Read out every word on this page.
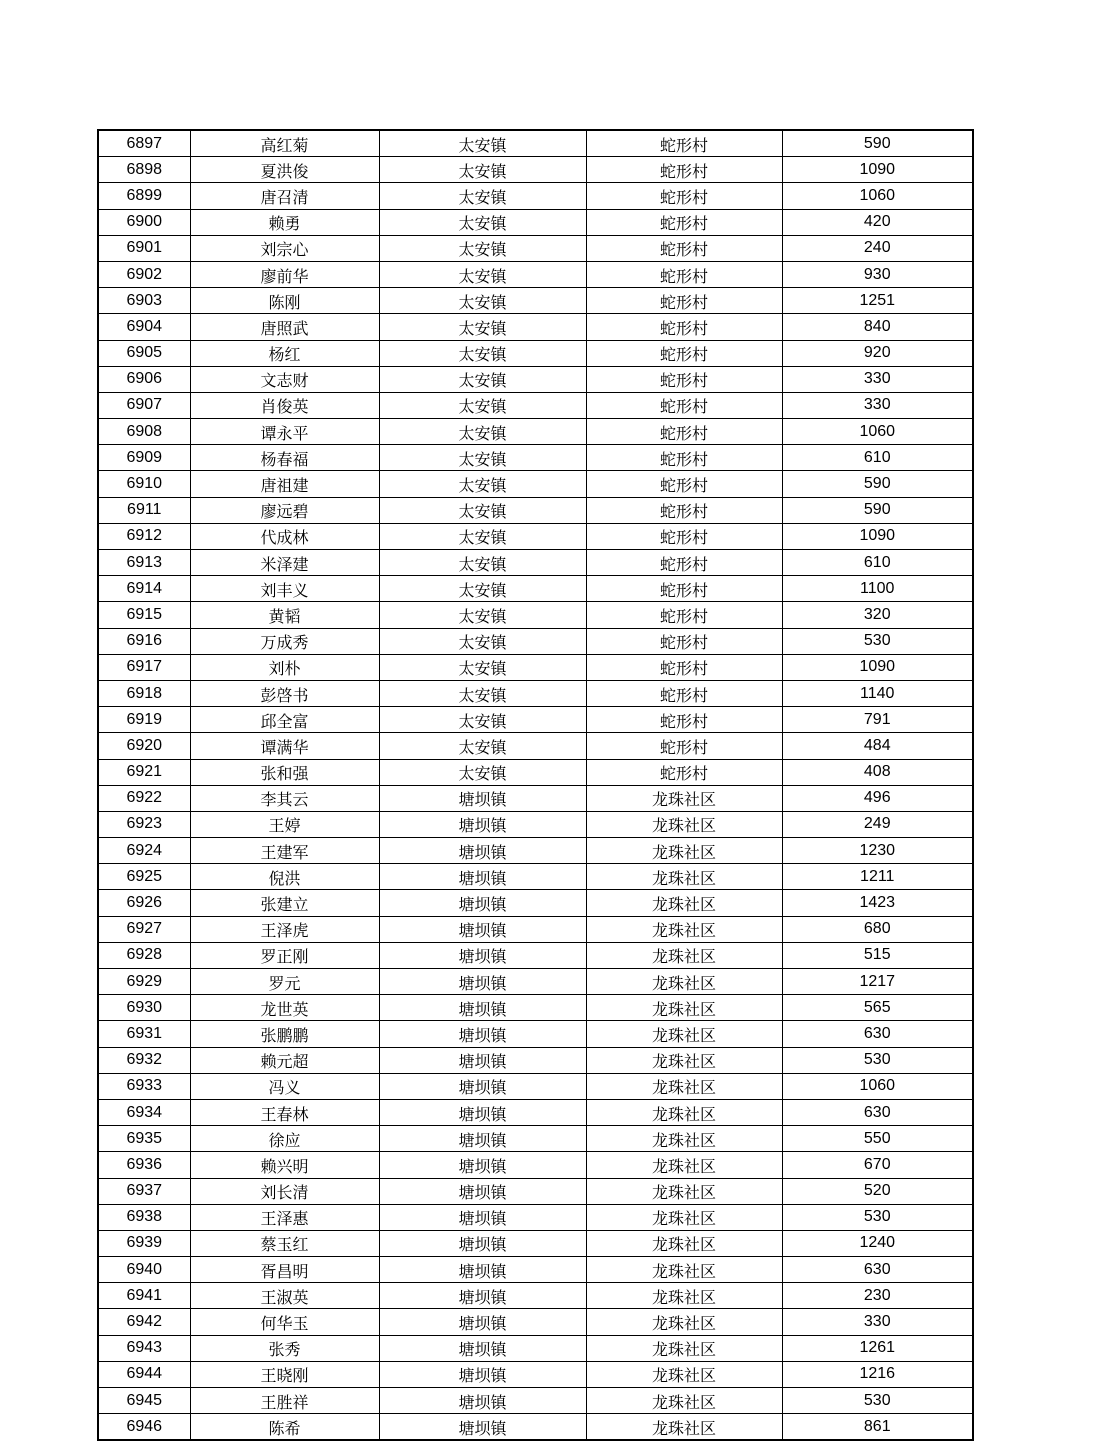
6897	高红菊	太安镇	蛇形村	590
6898	夏洪俊	太安镇	蛇形村	1090
6899	唐召清	太安镇	蛇形村	1060
6900	赖勇	太安镇	蛇形村	420
6901	刘宗心	太安镇	蛇形村	240
6902	廖前华	太安镇	蛇形村	930
6903	陈刚	太安镇	蛇形村	1251
6904	唐照武	太安镇	蛇形村	840
6905	杨红	太安镇	蛇形村	920
6906	文志财	太安镇	蛇形村	330
6907	肖俊英	太安镇	蛇形村	330
6908	谭永平	太安镇	蛇形村	1060
6909	杨春福	太安镇	蛇形村	610
6910	唐祖建	太安镇	蛇形村	590
6911	廖远碧	太安镇	蛇形村	590
6912	代成林	太安镇	蛇形村	1090
6913	米泽建	太安镇	蛇形村	610
6914	刘丰义	太安镇	蛇形村	1100
6915	黄韬	太安镇	蛇形村	320
6916	万成秀	太安镇	蛇形村	530
6917	刘朴	太安镇	蛇形村	1090
6918	彭啓书	太安镇	蛇形村	1140
6919	邱全富	太安镇	蛇形村	791
6920	谭满华	太安镇	蛇形村	484
6921	张和强	太安镇	蛇形村	408
6922	李其云	塘坝镇	龙珠社区	496
6923	王婷	塘坝镇	龙珠社区	249
6924	王建军	塘坝镇	龙珠社区	1230
6925	倪洪	塘坝镇	龙珠社区	1211
6926	张建立	塘坝镇	龙珠社区	1423
6927	王泽虎	塘坝镇	龙珠社区	680
6928	罗正刚	塘坝镇	龙珠社区	515
6929	罗元	塘坝镇	龙珠社区	1217
6930	龙世英	塘坝镇	龙珠社区	565
6931	张鹏鹏	塘坝镇	龙珠社区	630
6932	赖元超	塘坝镇	龙珠社区	530
6933	冯义	塘坝镇	龙珠社区	1060
6934	王春林	塘坝镇	龙珠社区	630
6935	徐应	塘坝镇	龙珠社区	550
6936	赖兴明	塘坝镇	龙珠社区	670
6937	刘长清	塘坝镇	龙珠社区	520
6938	王泽惠	塘坝镇	龙珠社区	530
6939	蔡玉红	塘坝镇	龙珠社区	1240
6940	胥昌明	塘坝镇	龙珠社区	630
6941	王淑英	塘坝镇	龙珠社区	230
6942	何华玉	塘坝镇	龙珠社区	330
6943	张秀	塘坝镇	龙珠社区	1261
6944	王晓刚	塘坝镇	龙珠社区	1216
6945	王胜祥	塘坝镇	龙珠社区	530
6946	陈希	塘坝镇	龙珠社区	861
